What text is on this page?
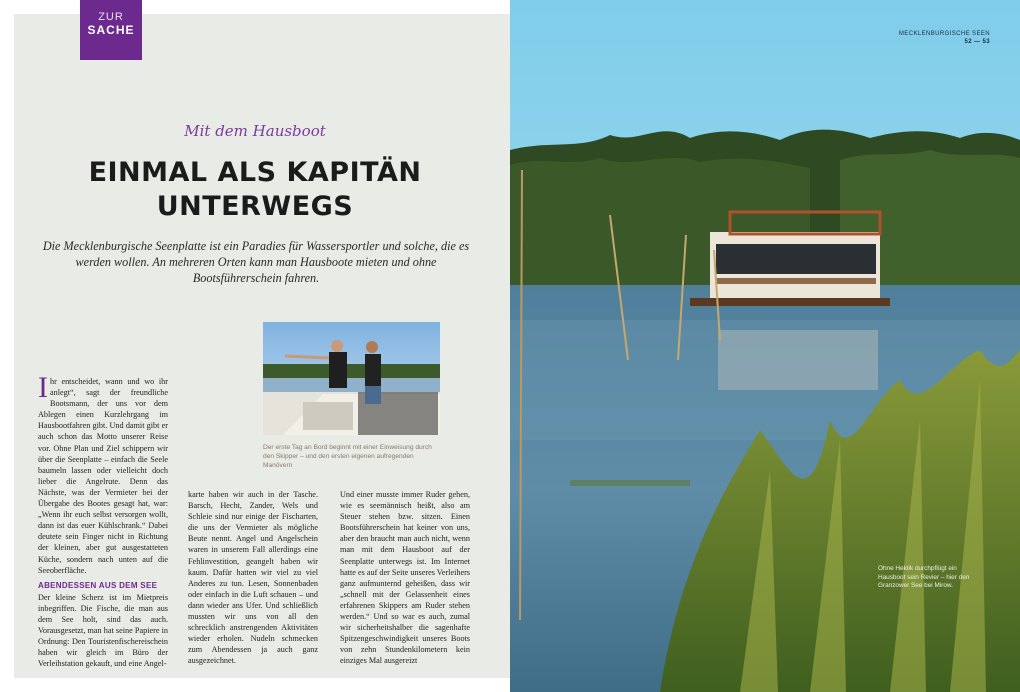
ZUR
SACHE
Mit dem Hausboot
EINMAL ALS KAPITÄN
UNTERWEGS
Die Mecklenburgische Seenplatte ist ein Paradies für Wassersportler und solche, die es werden wollen. An mehreren Orten kann man Hausboote mieten und ohne Bootsführerschein fahren.
Der erste Tag an Bord beginnt mit einer Einweisung durch den Skipper – und den ersten eigenen aufregenden Manövern

Ihr entscheidet, wann und wo ihr anlegt“, sagt der freundliche Bootsmann, der uns vor dem Ablegen einen Kurzlehrgang im Hausbootfahren gibt. Und damit gibt er auch schon das Motto unserer Reise vor. Ohne Plan und Ziel schippern wir über die Seenplatte – einfach die Seele baumeln lassen oder vielleicht doch lieber die Angelrute. Denn das Nächste, was der Vermieter bei der Übergabe des Bootes gesagt hat, war: „Wenn ihr euch selbst versorgen wollt, dann ist das euer Kühlschrank.“ Dabei deutete sein Finger nicht in Richtung der kleinen, aber gut ausgestatteten Küche, sondern nach unten auf die Seeoberfläche.

ABENDESSEN AUS DEM SEE

Der kleine Scherz ist im Mietpreis inbegriffen. Die Fische, die man aus dem See holt, sind das auch. Vorausgesetzt, man hat seine Papiere in Ordnung: Den Touristenfischereischein haben wir gleich im Büro der Verleihstation gekauft, und eine Angel-

karte haben wir auch in der Tasche. Barsch, Hecht, Zander, Wels und Schleie sind nur einige der Fischarten, die uns der Vermieter als mögliche Beute nennt. Angel und Angelschein waren in unserem Fall allerdings eine Fehlinvestition, geangelt haben wir kaum. Dafür hatten wir viel zu viel Anderes zu tun. Lesen, Sonnenbaden oder einfach in die Luft schauen – und dann wieder ans Ufer. Und schließlich mussten wir uns von all den schrecklich anstrengenden Aktivitäten wieder erholen. Nudeln schmecken zum Abendessen ja auch ganz ausgezeichnet.

Und einer musste immer Ruder gehen, wie es seemännisch heißt, also am Steuer stehen bzw. sitzen. Einen Bootsführerschein hat keiner von uns, aber den braucht man auch nicht, wenn man mit dem Hausboot auf der Seenplatte unterwegs ist. Im Internet hatte es auf der Seite unseres Verleihers ganz aufmunternd geheißen, dass wir „schnell mit der Gelassenheit eines erfahrenen Skippers am Ruder stehen werden.“ Und so war es auch, zumal wir sicherheitshalber die sagenhafte Spitzengeschwindigkeit unseres Boots von zehn Stundenkilometern kein einziges Mal ausgereizt

MECKLENBURGISCHE SEEN
52 — 53
Ohne Hektik durchpflügt ein Hausboot sein Revier – hier den Granzower See bei Mirow.
